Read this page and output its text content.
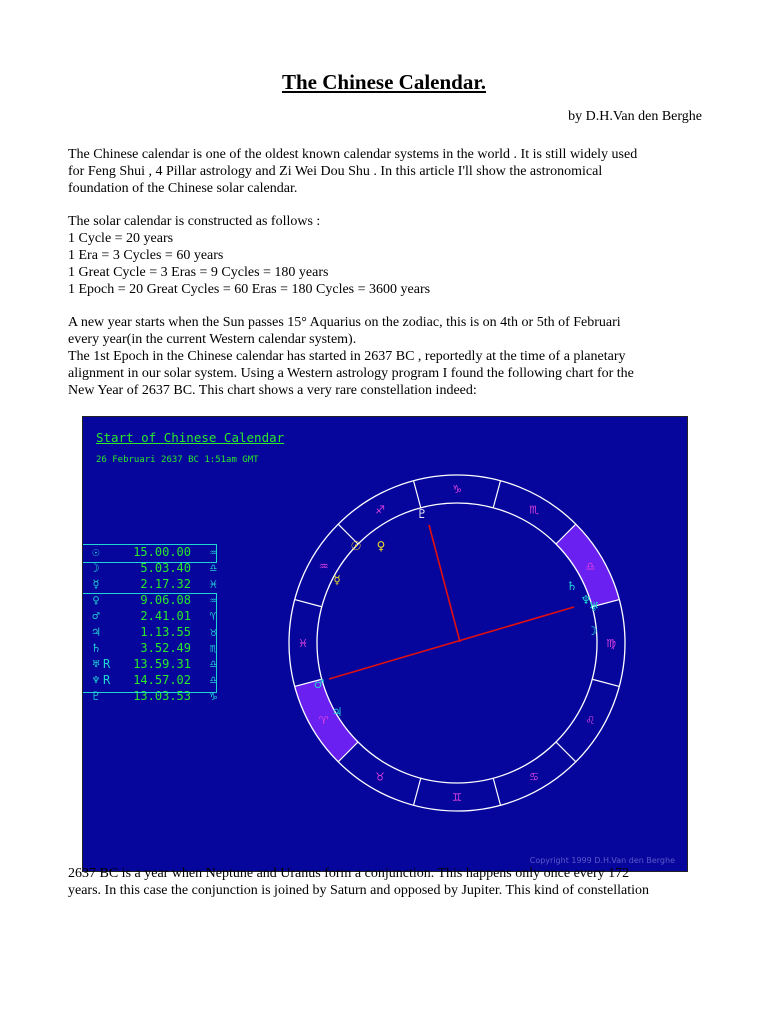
The Chinese Calendar.
by D.H.Van den Berghe
The Chinese calendar is one of the oldest known calendar systems in the world . It is still widely used
for Feng Shui , 4 Pillar astrology and Zi Wei Dou Shu . In this article I'll show the astronomical
foundation of the Chinese solar calendar.
The solar calendar is constructed as follows :
1 Cycle = 20 years
1 Era = 3 Cycles = 60 years
1 Great Cycle = 3 Eras = 9 Cycles = 180 years
1 Epoch = 20 Great Cycles = 60 Eras = 180 Cycles = 3600 years
A new year starts when the Sun passes 15° Aquarius on the zodiac, this is on 4th or 5th of Februari
every year(in the current Western calendar system).
The 1st Epoch in the Chinese calendar has started in 2637 BC , reportedly at the time of a planetary
alignment in our solar system. Using a Western astrology program I found the following chart for the
New Year of 2637 BC. This chart shows a very rare constellation indeed:
Start of Chinese Calendar
26 Februari 2637 BC 1:51am GMT
☉	15.00.00 ♒
☽	5.03.40 ♎
☿	2.17.32 ♓
♀	9.06.08 ♒
♂	2.41.01 ♈
♃	1.13.55 ♉
♄	3.52.49 ♏
♅ R 13.59.31 ♎
♆ R 14.57.02 ♎
♇	13.03.53 ♑
♑
♏
♎
♍
♌
♋
♊
♉
♈
♓
♒
♐	♇
☉ ♀
☿	♄
♆
♅
☽
♂
♃
Copyright 1999 D.H.Van den Berghe
2637 BC is a year when Neptune and Uranus form a conjunction. This happens only once every 172
years. In this case the conjunction is joined by Saturn and opposed by Jupiter. This kind of constellation
